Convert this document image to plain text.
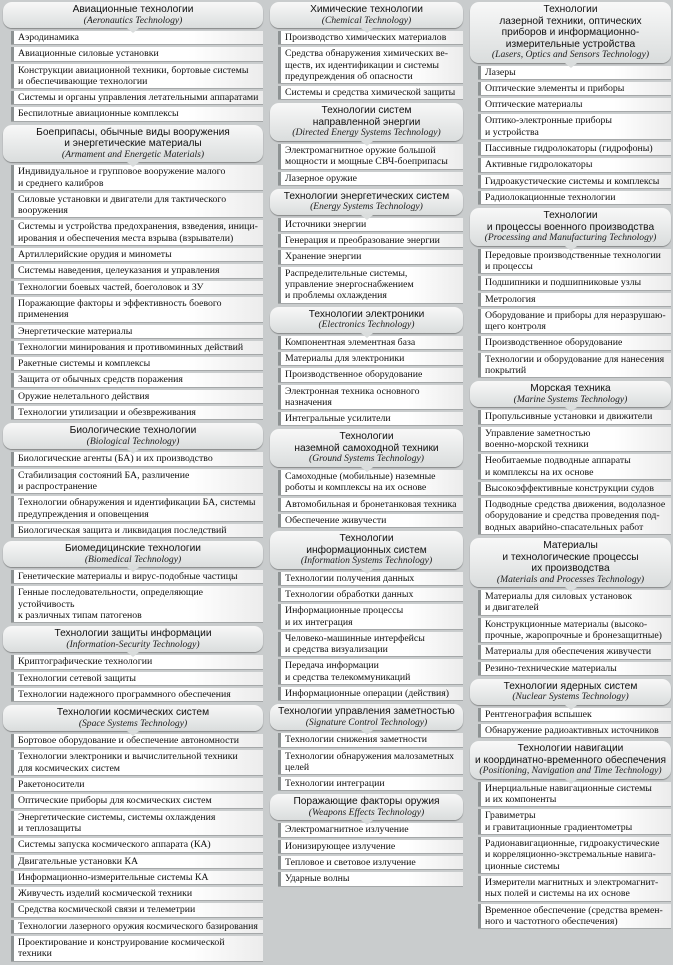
Авиационные технологии
(Aeronautics Technology)
Аэродинамика
Авиационные силовые установки
Конструкции авиационной техники, бортовые системы
и обеспечивающие технологии
Системы и органы управления летательными аппаратами
Беспилотные авиационные комплексы
Боеприпасы, обычные виды вооружения
и энергетические материалы
(Armament and Energetic Materials)
Индивидуальное и групповое вооружение малого
и среднего калибров
Силовые установки и двигатели для тактического
вооружения
Системы и устройства предохранения, взведения, иници-
ирования и обеспечения места взрыва (взрыватели)
Артиллерийские орудия и минометы
Системы наведения, целеуказания и управления
Технологии боевых частей, боеголовок и ЗУ
Поражающие факторы и эффективность боевого
применения
Энергетические материалы
Технологии минирования и противоминных действий
Ракетные системы и комплексы
Защита от обычных средств поражения
Оружие нелетального действия
Технологии утилизации и обезвреживания
Биологические технологии
(Biological Technology)
Биологические агенты (БА) и их производство
Стабилизация состояний БА, различение
и распространение
Технологии обнаружения и идентификации БА, системы
предупреждения и оповещения
Биологическая защита и ликвидация последствий
Биомедицинские технологии
(Biomedical Technology)
Генетические материалы и вирус-подобные частицы
Генные последовательности, определяющие устойчивость
к различных типам патогенов
Технологии защиты информации
(Information-Security Technology)
Криптографические технологии
Технологии сетевой защиты
Технологии надежного программного обеспечения
Технологии космических систем
(Space Systems Technology)
Бортовое оборудование и обеспечение автономности
Технологии электроники и вычислительной техники
для космических систем
Ракетоносители
Оптические приборы для космических систем
Энергетические системы, системы охлаждения
и теплозащиты
Системы запуска космического аппарата (КА)
Двигательные установки КА
Информационно-измерительные системы КА
Живучесть изделий космической техники
Средства космической связи и телеметрии
Технологии лазерного оружия космического базирования
Проектирование и конструирование космической техники
Химические технологии
(Chemical Technology)
Производство химических материалов
Средства обнаружения химических ве-
ществ, их идентификации и системы
предупреждения об опасности
Системы и средства химической защиты
Технологии систем
направленной энергии
(Directed Energy Systems Technology)
Электромагнитное оружие большой
мощности и мощные СВЧ-боеприпасы
Лазерное оружие
Технологии энергетических систем
(Energy Systems Technology)
Источники энергии
Генерация и преобразование энергии
Хранение энергии
Распределительные системы,
управление энергоснабжением
и проблемы охлаждения
Технологии электроники
(Electronics Technology)
Компонентная элементная база
Материалы для электроники
Производственное оборудование
Электронная техника основного назначения
Интегральные усилители
Технологии
наземной самоходной техники
(Ground Systems Technology)
Самоходные (мобильные) наземные
роботы и комплексы на их основе
Автомобильная и бронетанковая техника
Обеспечение живучести
Технологии
информационных систем
(Information Systems Technology)
Технологии получения данных
Технологии обработки данных
Информационные процессы
и их интеграция
Человеко-машинные интерфейсы
и средства визуализации
Передача информации
и средства телекоммуникаций
Информационные операции (действия)
Технологии управления заметностью
(Signature Control Technology)
Технологии снижения заметности
Технологии обнаружения малозаметных
целей
Технологии интеграции
Поражающие факторы оружия
(Weapons Effects Technology)
Электромагнитное излучение
Ионизирующее излучение
Тепловое и световое излучение
Ударные волны
Технологии
лазерной техники, оптических
приборов и информационно-
измерительные устройства
(Lasers, Optics and Sensors Technology)
Лазеры
Оптические элементы и приборы
Оптические материалы
Оптико-электронные приборы
и устройства
Пассивные гидролокаторы (гидрофоны)
Активные гидролокаторы
Гидроакустические системы и комплексы
Радиолокационные технологии
Технологии
и процессы военного производства
(Processing and Manufacturing Technology)
Передовые производственные технологии
и процессы
Подшипники и подшипниковые узлы
Метрология
Оборудование и приборы для неразрушаю-
щего контроля
Производственное оборудование
Технологии и оборудование для нанесения
покрытий
Морская техника
(Marine Systems Technology)
Пропульсивные установки и движители
Управление заметностью
военно-морской техники
Необитаемые подводные аппараты
и комплексы на их основе
Высокоэффективные конструкции судов
Подводные средства движения, водолазное
оборудование и средства проведения под-
водных аварийно-спасательных работ
Материалы
и технологические процессы
их производства
(Materials and Processes Technology)
Материалы для силовых установок
и двигателей
Конструкционные материалы (высоко-
прочные, жаропрочные и бронезащитные)
Материалы для обеспечения живучести
Резино-технические материалы
Технологии ядерных систем
(Nuclear Systems Technology)
Рентгенография вспышек
Обнаружение радиоактивных источников
Технологии навигации
и координатно-временного обеспечения
(Positioning, Navigation and Time Technology)
Инерциальные навигационные системы
и их компоненты
Гравиметры
и гравитационные градиентометры
Радионавигационные, гидроакустические
и корреляционно-экстремальные навига-
ционные системы
Измерители магнитных и электромагнит-
ных полей и системы на их основе
Временное обеспечение (средства времен-
ного и частотного обеспечения)
